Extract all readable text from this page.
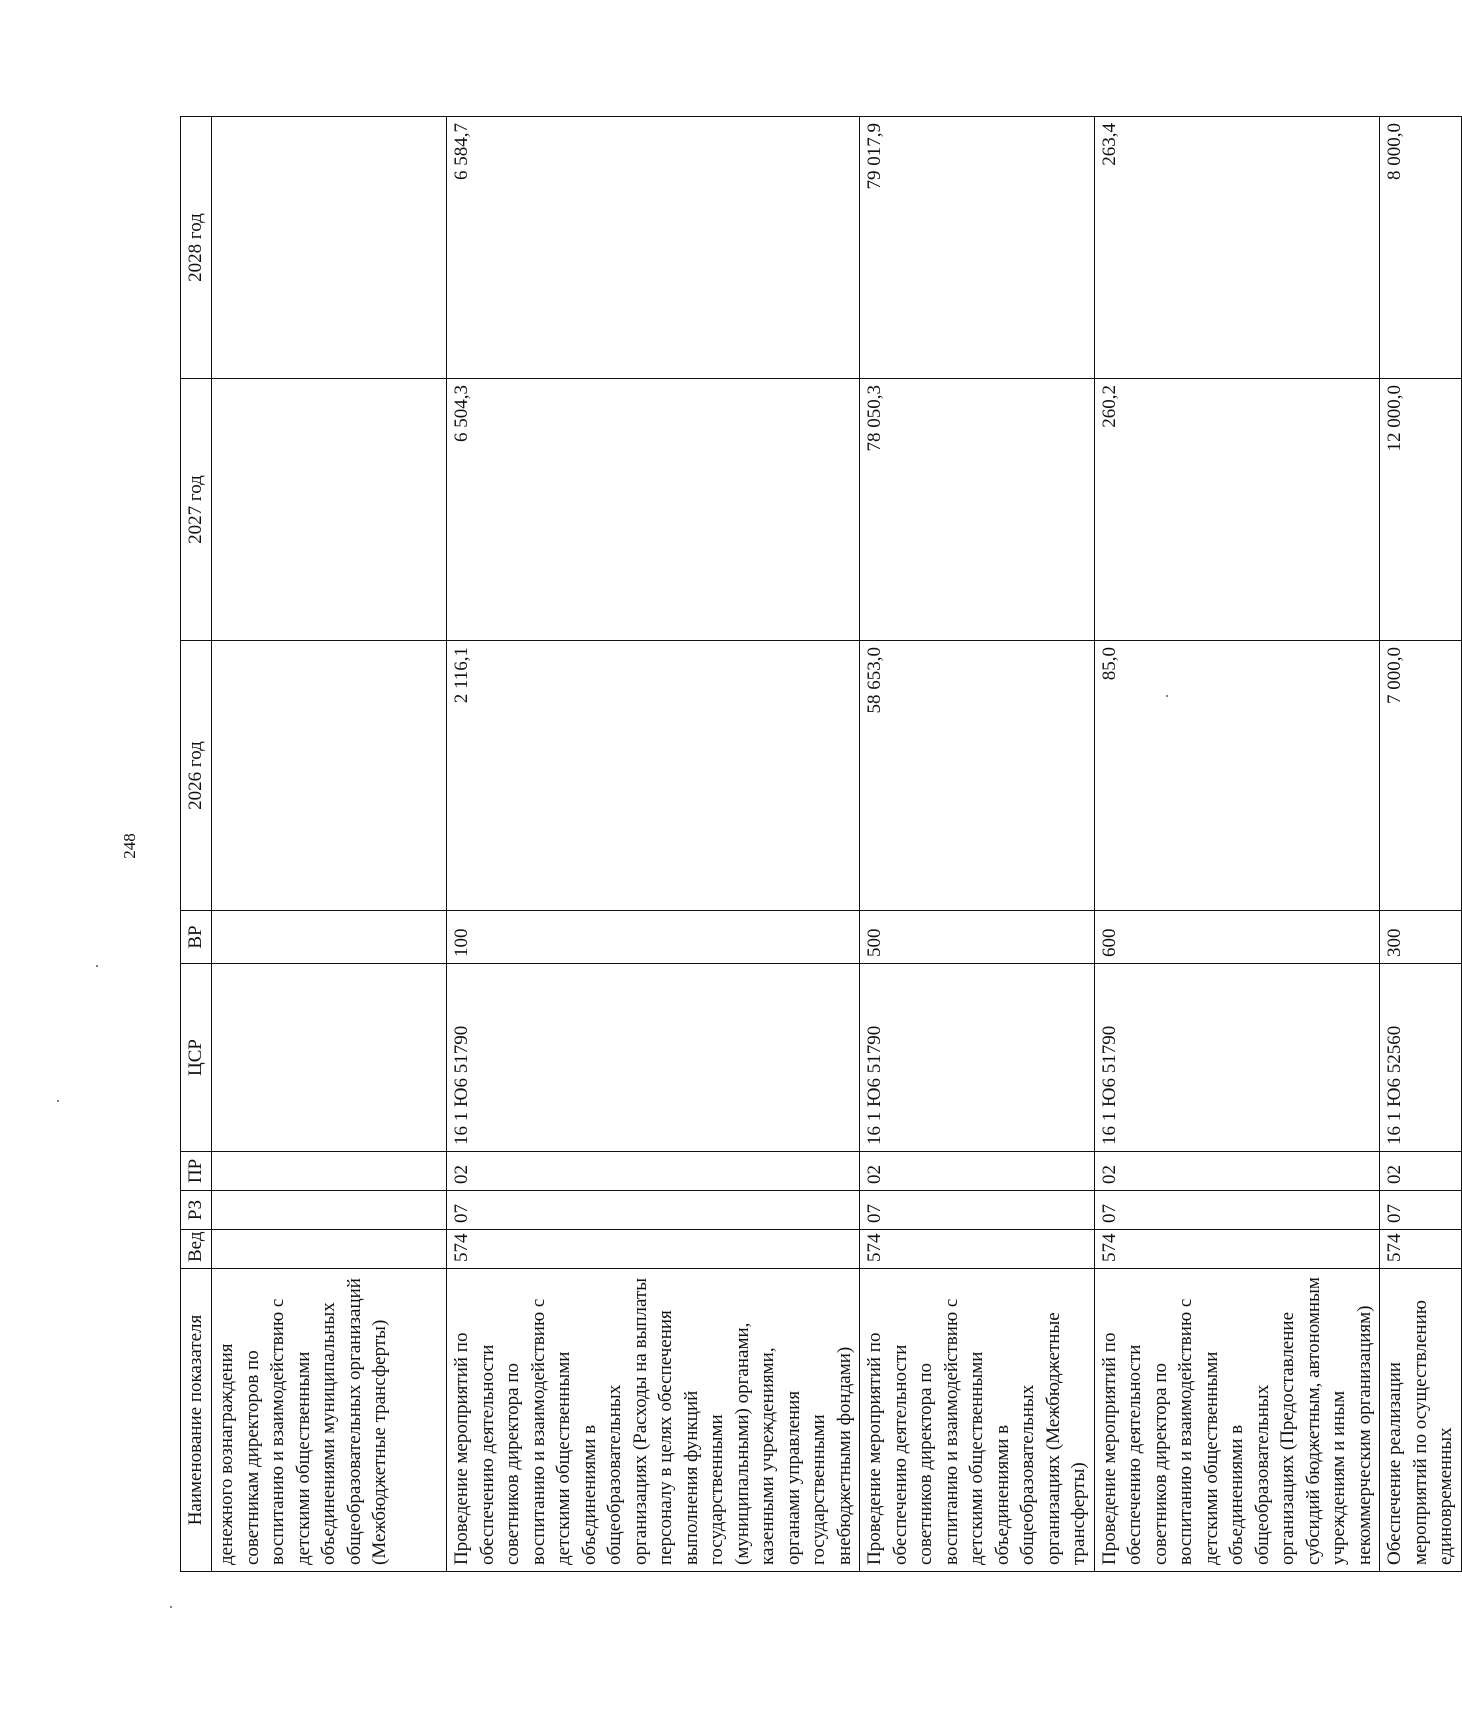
248
Наименование показателя	Вед	РЗ	ПР	ЦСР	ВР	2026 год	2027 год	2028 год
денежного вознаграждения советникам директоров по воспитанию и взаимодействию с детскими общественными объединениями муниципальных общеобразовательных организаций (Межбюджетные трансферты)								
Проведение мероприятий по обеспечению деятельности советников директора по воспитанию и взаимодействию с детскими общественными объединениями в общеобразовательных организациях (Расходы на выплаты персоналу в целях обеспечения выполнения функций государственными (муниципальными) органами, казенными учреждениями, органами управления государственными внебюджетными фондами)	574	07	02	16 1 Ю6 51790	100	2 116,1	6 504,3	6 584,7
Проведение мероприятий по обеспечению деятельности советников директора по воспитанию и взаимодействию с детскими общественными объединениями в общеобразовательных организациях (Межбюджетные трансферты)	574	07	02	16 1 Ю6 51790	500	58 653,0	78 050,3	79 017,9
Проведение мероприятий по обеспечению деятельности советников директора по воспитанию и взаимодействию с детскими общественными объединениями в общеобразовательных организациях (Предоставление субсидий бюджетным, автономным учреждениям и иным некоммерческим организациям)	574	07	02	16 1 Ю6 51790	600	85,0	260,2	263,4
Обеспечение реализации мероприятий по осуществлению единовременных	574	07	02	16 1 Ю6 52560	300	7 000,0	12 000,0	8 000,0
